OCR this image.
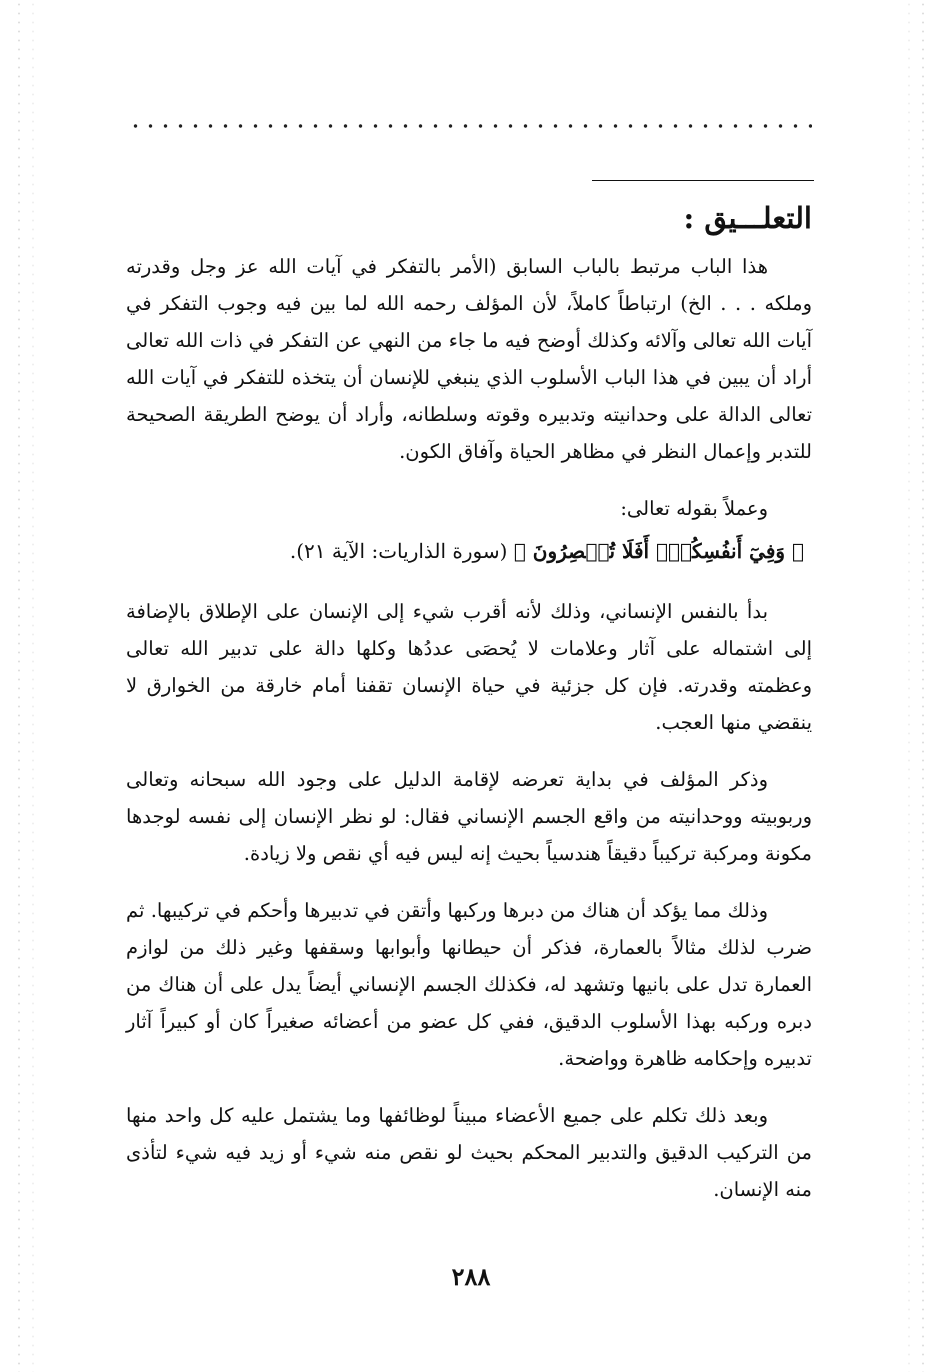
التعلـــيق :

هذا الباب مرتبط بالباب السابق (الأمر بالتفكر في آيات الله عز وجل وقدرته وملكه . . . الخ) ارتباطاً كاملاً، لأن المؤلف رحمه الله لما بين فيه وجوب التفكر في آيات الله تعالى وآلائه وكذلك أوضح فيه ما جاء من النهي عن التفكر في ذات الله تعالى أراد أن يبين في هذا الباب الأسلوب الذي ينبغي للإنسان أن يتخذه للتفكر في آيات الله تعالى الدالة على وحدانيته وتدبيره وقوته وسلطانه، وأراد أن يوضح الطريقة الصحيحة للتدبر وإعمال النظر في مظاهر الحياة وآفاق الكون.

وعملاً بقوله تعالى:

﴿ وَفِيٓ أَنفُسِكُمۡۚ أَفَلَا تُبۡصِرُونَ ﴾ (سورة الذاريات: الآية ٢١).

بدأ بالنفس الإنساني، وذلك لأنه أقرب شيء إلى الإنسان على الإطلاق بالإضافة إلى اشتماله على آثار وعلامات لا يُحصَى عددُها وكلها دالة على تدبير الله تعالى وعظمته وقدرته. فإن كل جزئية في حياة الإنسان تقفنا أمام خارقة من الخوارق لا ينقضي منها العجب.

وذكر المؤلف في بداية تعرضه لإقامة الدليل على وجود الله سبحانه وتعالى وربوبيته ووحدانيته من واقع الجسم الإنساني فقال: لو نظر الإنسان إلى نفسه لوجدها مكونة ومركبة تركيباً دقيقاً هندسياً بحيث إنه ليس فيه أي نقص ولا زيادة.

وذلك مما يؤكد أن هناك من دبرها وركبها وأتقن في تدبيرها وأحكم في تركيبها. ثم ضرب لذلك مثالاً بالعمارة، فذكر أن حيطانها وأبوابها وسقفها وغير ذلك من لوازم العمارة تدل على بانيها وتشهد له، فكذلك الجسم الإنساني أيضاً يدل على أن هناك من دبره وركبه بهذا الأسلوب الدقيق، ففي كل عضو من أعضائه صغيراً كان أو كبيراً آثار تدبيره وإحكامه ظاهرة وواضحة.

وبعد ذلك تكلم على جميع الأعضاء مبيناً لوظائفها وما يشتمل عليه كل واحد منها من التركيب الدقيق والتدبير المحكم بحيث لو نقص منه شيء أو زيد فيه شيء لتأذى منه الإنسان.

٢٨٨
